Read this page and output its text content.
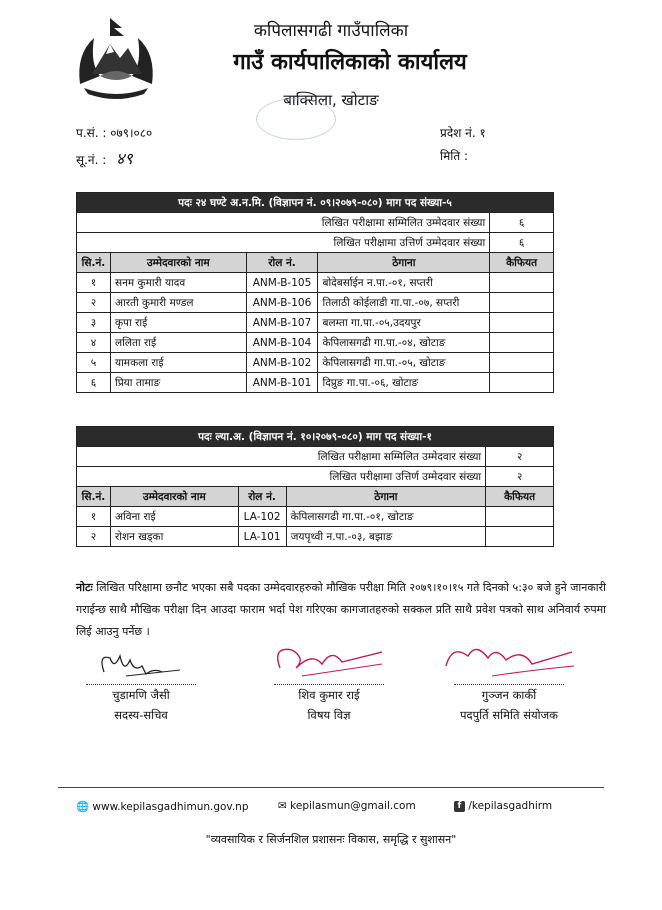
कपिलासगढी गाउँपालिका
गाउँ कार्यपालिकाको कार्यालय
बाक्सिला, खोटाङ
प.सं. : ०७९।०८०
सू.नं. : ४९
प्रदेश नं. १
मिति :
पदः २४ घण्टे अ.न.मि. (विज्ञापन नं. ०९।२०७९-०८०) माग पद संख्या-५				
लिखित परीक्षामा सम्मिलित उम्मेदवार संख्या				६
लिखित परीक्षामा उत्तिर्ण उम्मेदवार संख्या				६
सि.नं.	उम्मेदवारको नाम	रोल नं.	ठेगाना	कैफियत
१	सनम कुमारी यादव	ANM-B-105	बोदेबर्साईन न.पा.-०१, सप्तरी	
२	आरती कुमारी मण्डल	ANM-B-106	तिलाठी कोईलाडी गा.पा.-०७, सप्तरी	
३	कृपा राई	ANM-B-107	बलम्ता गा.पा.-०५,उदयपुर	
४	ललिता राई	ANM-B-104	केपिलासगढी गा.पा.-०४, खोटाङ	
५	यामकला राई	ANM-B-102	केपिलासगढी गा.पा.-०५, खोटाङ	
६	प्रिया तामाङ	ANM-B-101	दिप्रुङ गा.पा.-०६, खोटाङ	
पदः ल्या.अ. (विज्ञापन नं. १०।२०७९-०८०) माग पद संख्या-१				
लिखित परीक्षामा सम्मिलित उम्मेदवार संख्या				२
लिखित परीक्षामा उत्तिर्ण उम्मेदवार संख्या				२
सि.नं.	उम्मेदवारको नाम	रोल नं.	ठेगाना	कैफियत
१	अविना राई	LA-102	केपिलासगढी गा.पा.-०१, खोटाङ	
२	रोशन खड्का	LA-101	जयपृथ्वी न.पा.-०३, बझाङ	
नोटः लिखित परिक्षामा छनौट भएका सबै पदका उम्मेदवारहरुको मौखिक परीक्षा मिति २०७९।१०।१५ गते दिनको ५:३० बजे हुने जानकारी गराईन्छ साथै मौखिक परीक्षा दिन आउदा फाराम भर्दा पेश गरिएका कागजातहरुको सक्कल प्रति साथै प्रवेश पत्रको साथ अनिवार्य रुपमा लिई आउनु पर्नेछ ।
चुडामणि जैसी
सदस्य-सचिव
शिव कुमार राई
विषय विज्ञ
गुञ्जन कार्की
पदपुर्ति समिति संयोजक
🌐 www.kepilasgadhimun.gov.np	✉ kepilasmun@gmail.com	f /kepilasgadhirm
"व्यवसायिक र सिर्जनशिल प्रशासनः विकास, समृद्धि र सुशासन"
